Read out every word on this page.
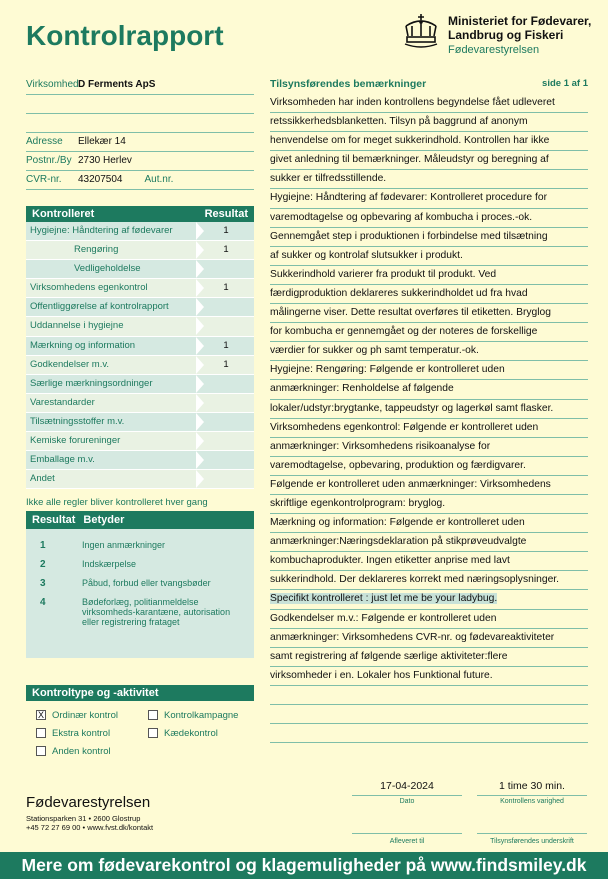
Kontrolrapport	Ministeriet for Fødevarer,
Landbrug og Fiskeri
Fødevarestyrelsen
VirksomhedD Ferments ApS
Adresse Ellekær 14
Postnr./By 2730 Herlev
CVR-nr. 43207504 Aut.nr.
Kontrolleret	Resultat
Hygiejne: Håndtering af fødevarer	1
Rengøring	1
Vedligeholdelse
Virksomhedens egenkontrol	1
Offentliggørelse af kontrolrapport
Uddannelse i hygiejne
Mærkning og information	1
Godkendelser m.v.	1
Særlige mærkningsordninger
Varestandarder
Tilsætningsstoffer m.v.
Kemiske forureninger
Emballage m.v.
Andet
Ikke alle regler bliver kontrolleret hver gang
Resultat Betyder
1	Ingen anmærkninger
2	Indskærpelse
3	Påbud, forbud eller tvangsbøder
4	Bødeforlæg, politianmeldelse virksomheds-karantæne, autorisation eller registrering frataget
Kontroltype og -aktivitet
X Ordinær kontrol	Kontrolkampagne
Ekstra kontrol	Kædekontrol
Anden kontrol
Tilsynsførendes bemærkninger	side 1 af 1
Virksomheden har inden kontrollens begyndelse fået udleveret
retssikkerhedsblanketten. Tilsyn på baggrund af anonym
henvendelse om for meget sukkerindhold. Kontrollen har ikke
givet anledning til bemærkninger. Måleudstyr og beregning af
sukker er tilfredsstillende.
Hygiejne: Håndtering af fødevarer: Kontrolleret procedure for
varemodtagelse og opbevaring af kombucha i proces.-ok.
Gennemgået step i produktionen i forbindelse med tilsætning
af sukker og kontrolaf slutsukker i produkt.
Sukkerindhold varierer fra produkt til produkt. Ved
færdigproduktion deklareres sukkerindholdet ud fra hvad
målingerne viser. Dette resultat overføres til etiketten. Bryglog
for kombucha er gennemgået og der noteres de forskellige
værdier for sukker og ph samt temperatur.-ok.
Hygiejne: Rengøring: Følgende er kontrolleret uden
anmærkninger: Renholdelse af følgende
lokaler/udstyr:brygtanke, tappeudstyr og lagerkøl samt flasker.
Virksomhedens egenkontrol: Følgende er kontrolleret uden
anmærkninger: Virksomhedens risikoanalyse for
varemodtagelse, opbevaring, produktion og færdigvarer.
Følgende er kontrolleret uden anmærkninger: Virksomhedens
skriftlige egenkontrolprogram: bryglog.
Mærkning og information: Følgende er kontrolleret uden
anmærkninger:Næringsdeklaration på stikprøveudvalgte
kombuchaprodukter. Ingen etiketter anprise med lavt
sukkerindhold. Der deklareres korrekt med næringsoplysninger.
Specifikt kontrolleret : just let me be your ladybug.
Godkendelser m.v.: Følgende er kontrolleret uden
anmærkninger: Virksomhedens CVR-nr. og fødevareaktiviteter
samt registrering af følgende særlige aktiviteter:flere
virksomheder i en. Lokaler hos Funktional future.
17-04-2024
Dato
1 time 30 min.
Kontrollens varighed
Afleveret til	Tilsynsførendes underskrift
Fødevarestyrelsen
Stationsparken 31 • 2600 Glostrup
+45 72 27 69 00 • www.fvst.dk/kontakt
Mere om fødevarekontrol og klagemuligheder på www.findsmiley.dk
